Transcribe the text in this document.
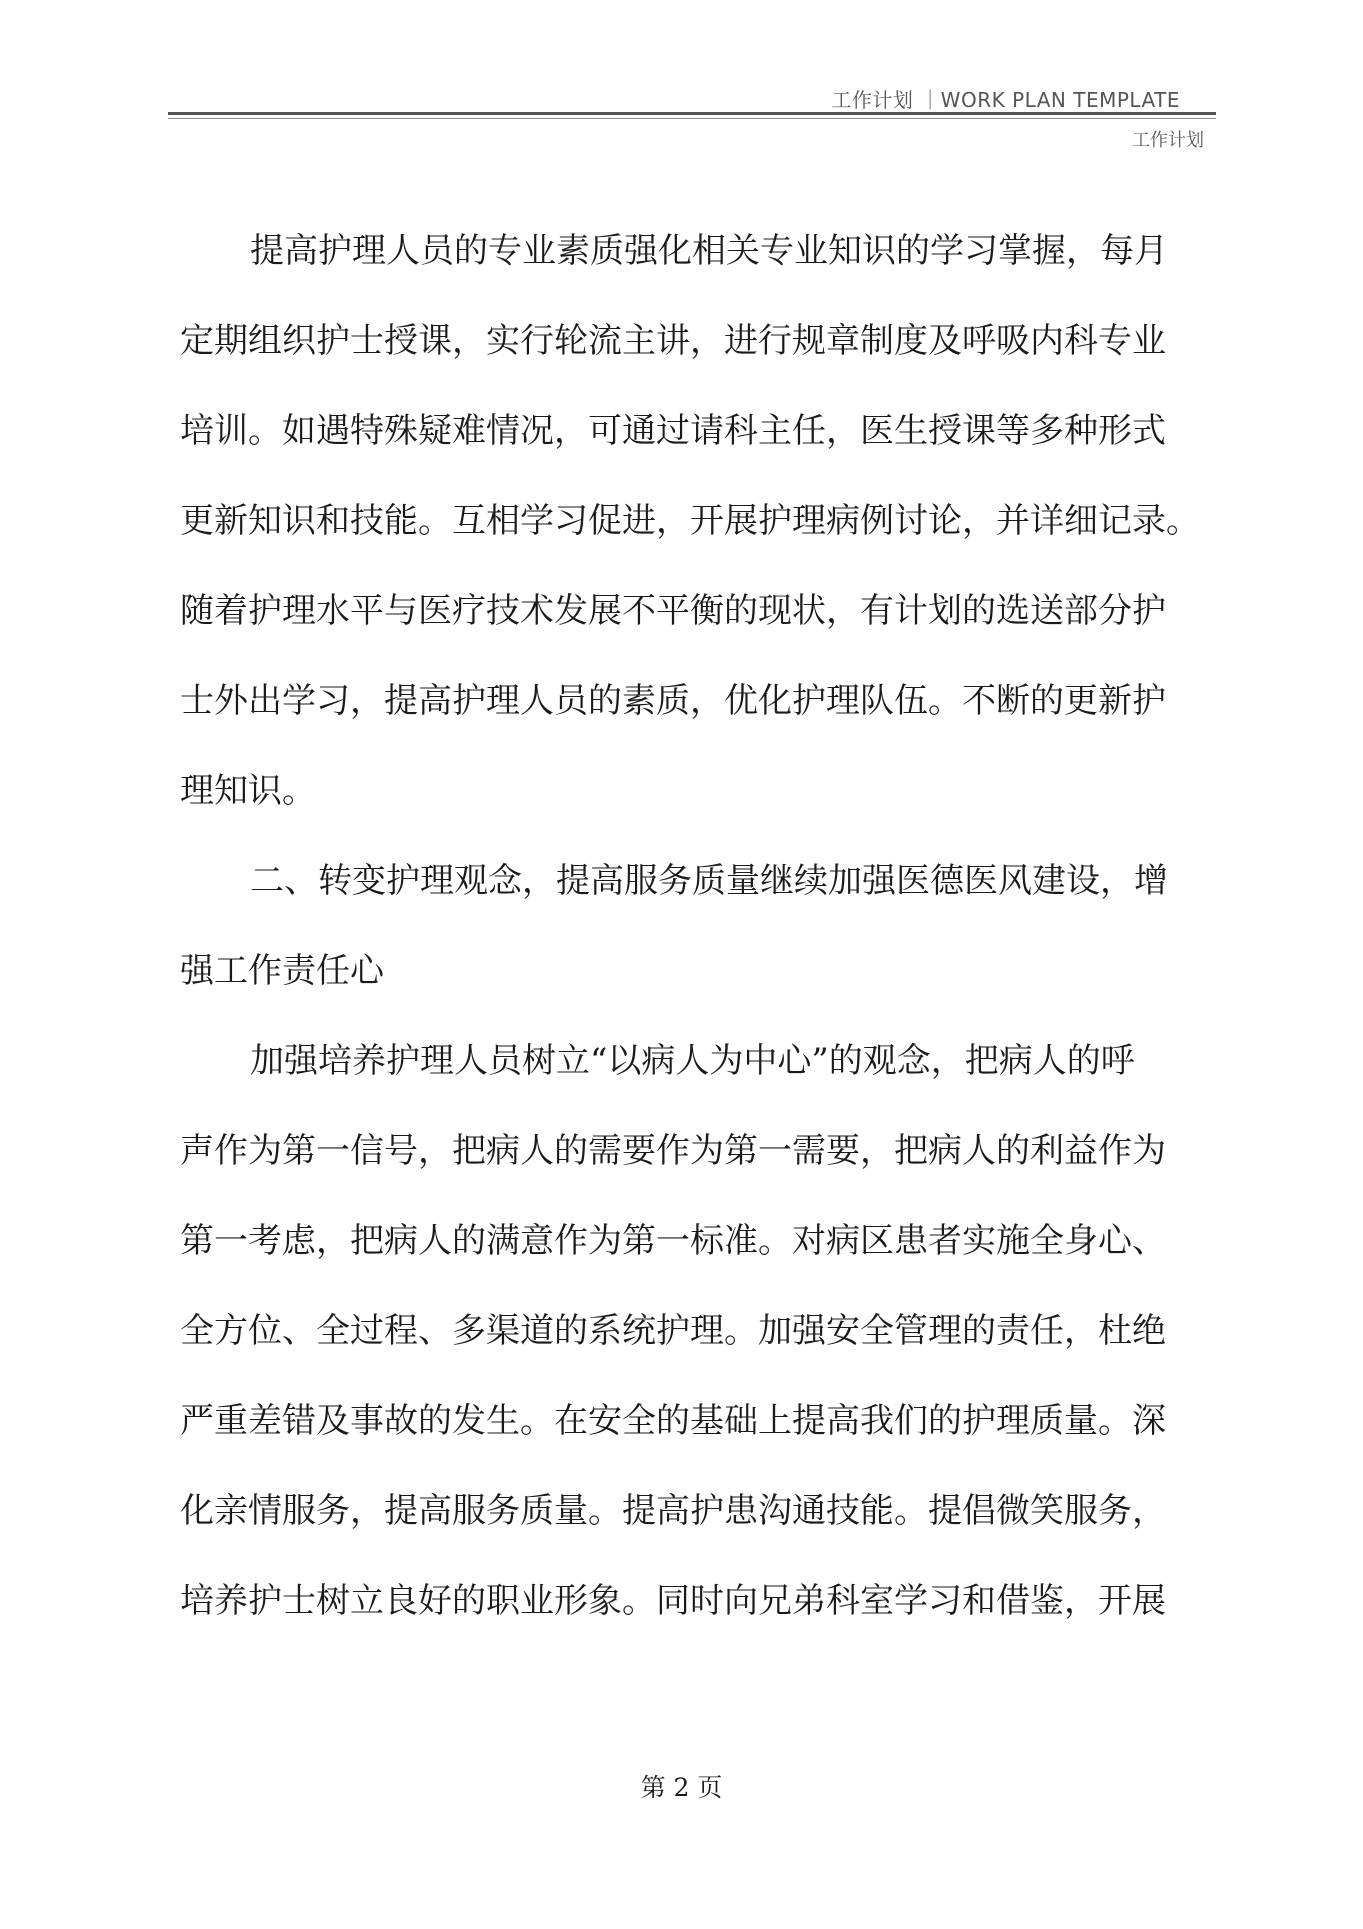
工作计划 ｜WORK PLAN TEMPLATE
工作计划
提高护理人员的专业素质强化相关专业知识的学习掌握，每月
定期组织护士授课，实行轮流主讲，进行规章制度及呼吸内科专业
培训。如遇特殊疑难情况，可通过请科主任，医生授课等多种形式
更新知识和技能。互相学习促进，开展护理病例讨论，并详细记录。
随着护理水平与医疗技术发展不平衡的现状，有计划的选送部分护
士外出学习，提高护理人员的素质，优化护理队伍。不断的更新护
理知识。
二、转变护理观念，提高服务质量继续加强医德医风建设，增
强工作责任心
加强培养护理人员树立“以病人为中心”的观念，把病人的呼
声作为第一信号，把病人的需要作为第一需要，把病人的利益作为
第一考虑，把病人的满意作为第一标准。对病区患者实施全身心、
全方位、全过程、多渠道的系统护理。加强安全管理的责任，杜绝
严重差错及事故的发生。在安全的基础上提高我们的护理质量。深
化亲情服务，提高服务质量。提高护患沟通技能。提倡微笑服务，
培养护士树立良好的职业形象。同时向兄弟科室学习和借鉴，开展
第 2 页
